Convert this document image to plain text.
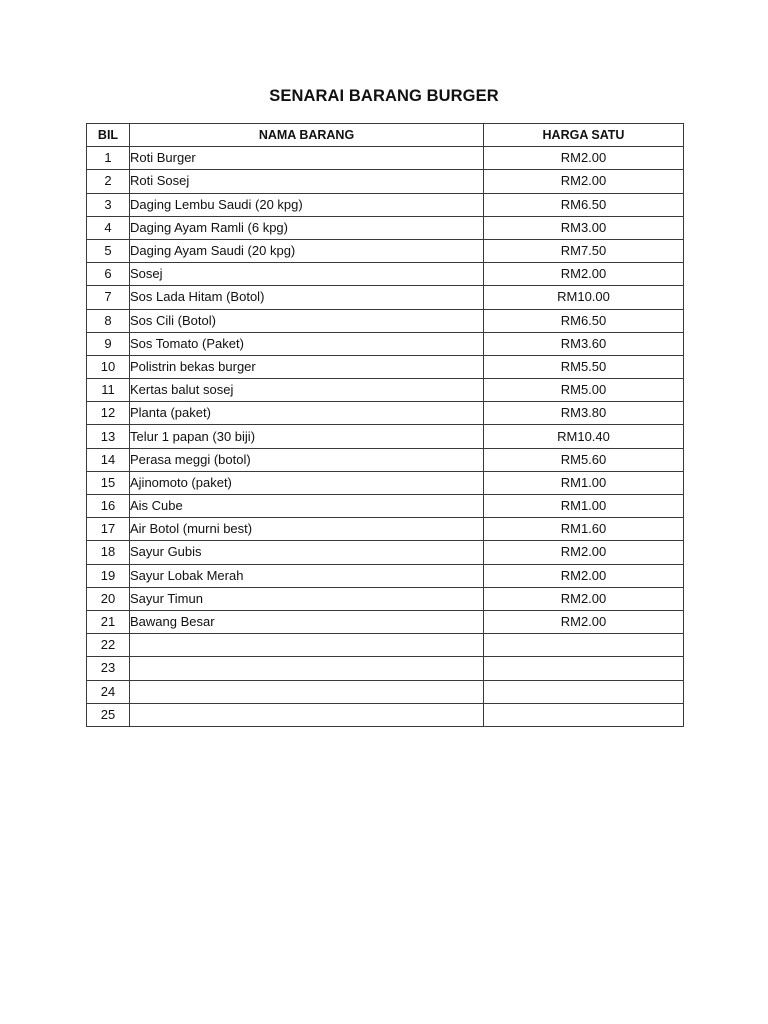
SENARAI BARANG BURGER
BIL	NAMA BARANG	HARGA SATU
1	Roti Burger	RM2.00
2	Roti Sosej	RM2.00
3	Daging Lembu Saudi (20 kpg)	RM6.50
4	Daging Ayam Ramli (6 kpg)	RM3.00
5	Daging Ayam Saudi (20 kpg)	RM7.50
6	Sosej	RM2.00
7	Sos Lada Hitam (Botol)	RM10.00
8	Sos Cili (Botol)	RM6.50
9	Sos Tomato (Paket)	RM3.60
10	Polistrin bekas burger	RM5.50
11	Kertas balut sosej	RM5.00
12	Planta (paket)	RM3.80
13	Telur 1 papan (30 biji)	RM10.40
14	Perasa meggi (botol)	RM5.60
15	Ajinomoto (paket)	RM1.00
16	Ais Cube	RM1.00
17	Air Botol (murni best)	RM1.60
18	Sayur Gubis	RM2.00
19	Sayur Lobak Merah	RM2.00
20	Sayur Timun	RM2.00
21	Bawang Besar	RM2.00
22		
23		
24		
25		
